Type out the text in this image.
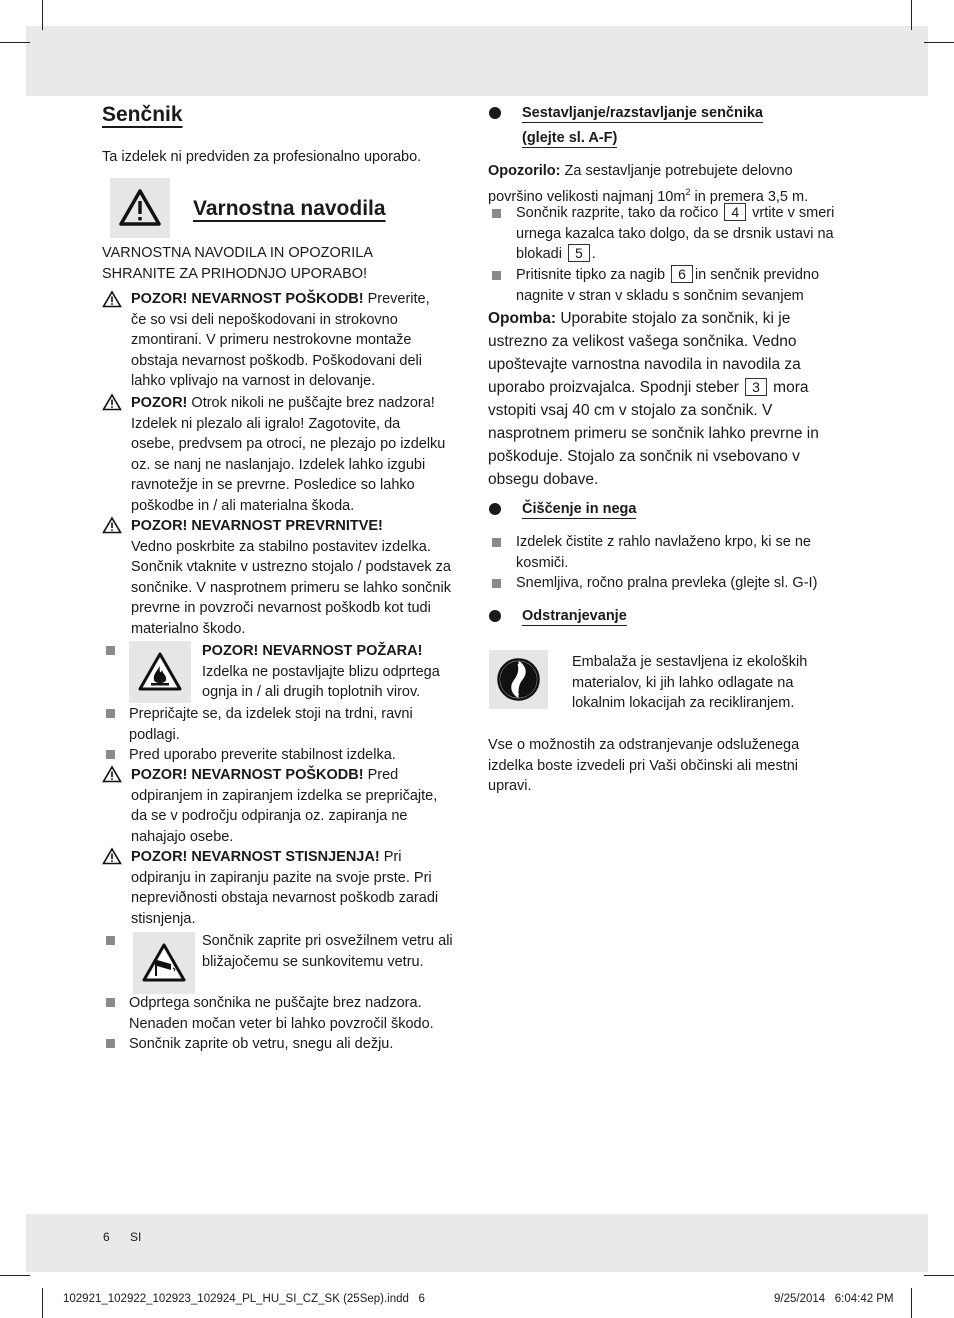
Senčnik
Ta izdelek ni predviden za profesionalno uporabo.
Varnostna navodila
VARNOSTNA NAVODILA IN OPOZORILA
SHRANITE ZA PRIHODNJO UPORABO!
POZOR! NEVARNOST POŠKODB! Preverite,
če so vsi deli nepoškodovani in strokovno
zmontirani. V primeru nestrokovne montaže
obstaja nevarnost poškodb. Poškodovani deli
lahko vplivajo na varnost in delovanje.
POZOR! Otrok nikoli ne puščajte brez nadzora!
Izdelek ni plezalo ali igralo! Zagotovite, da
osebe, predvsem pa otroci, ne plezajo po izdelku
oz. se nanj ne naslanjajo. Izdelek lahko izgubi
ravnotežje in se prevrne. Posledice so lahko
poškodbe in / ali materialna škoda.
POZOR! NEVARNOST PREVRNITVE!
Vedno poskrbite za stabilno postavitev izdelka.
Sončnik vtaknite v ustrezno stojalo / podstavek za
sončnike. V nasprotnem primeru se lahko sončnik
prevrne in povzroči nevarnost poškodb kot tudi
materialno škodo.
POZOR! NEVARNOST POŽARA!
Izdelka ne postavljajte blizu odprtega
ognja in / ali drugih toplotnih virov.
Prepričajte se, da izdelek stoji na trdni, ravni
podlagi.
Pred uporabo preverite stabilnost izdelka.
POZOR! NEVARNOST POŠKODB! Pred
odpiranjem in zapiranjem izdelka se prepričajte,
da se v področju odpiranja oz. zapiranja ne
nahajajo osebe.
POZOR! NEVARNOST STISNJENJA! Pri
odpiranju in zapiranju pazite na svoje prste. Pri
nepreviðnosti obstaja nevarnost poškodb zaradi
stisnjenja.
Sončnik zaprite pri osvežilnem vetru ali
bližajočemu se sunkovitemu vetru.
Odprtega sončnika ne puščajte brez nadzora.
Nenaden močan veter bi lahko povzročil škodo.
Sončnik zaprite ob vetru, snegu ali dežju.
Sestavljanje/razstavljanje senčnika
(glejte sl. A-F)
Opozorilo: Za sestavljanje potrebujete delovno
površino velikosti najmanj $10m^2$ in premera 3,5 m.
Sončnik razprite, tako da ročico 4 vrtite v smeri
urnega kazalca tako dolgo, da se drsnik ustavi na
blokadi 5 .
Pritisnite tipko za nagib 6 in senčnik previdno
nagnite v stran v skladu s sončnim sevanjem
Opomba: Uporabite stojalo za sončnik, ki je
ustrezno za velikost vašega sončnika. Vedno
upoštevajte varnostna navodila in navodila za
uporabo proizvajalca. Spodnji steber 3 mora
vstopiti vsaj 40 cm v stojalo za sončnik. V
nasprotnem primeru se sončnik lahko prevrne in
poškoduje. Stojalo za sončnik ni vsebovano v
obsegu dobave.
Čiščenje in nega
Izdelek čistite z rahlo navlaženo krpo, ki se ne
kosmiči.
Snemljiva, ročno pralna prevleka (glejte sl. G-I)
Odstranjevanje
Embalaža je sestavljena iz ekoloških
materialov, ki jih lahko odlagate na
lokalnim lokacijah za recikliranjem.
Vse o možnostih za odstranjevanje odsluženega
izdelka boste izvedeli pri Vaši občinski ali mestni
upravi.
6 SI
102921_102922_102923_102924_PL_HU_SI_CZ_SK (25Sep).indd   6	9/25/2014   6:04:42 PM
